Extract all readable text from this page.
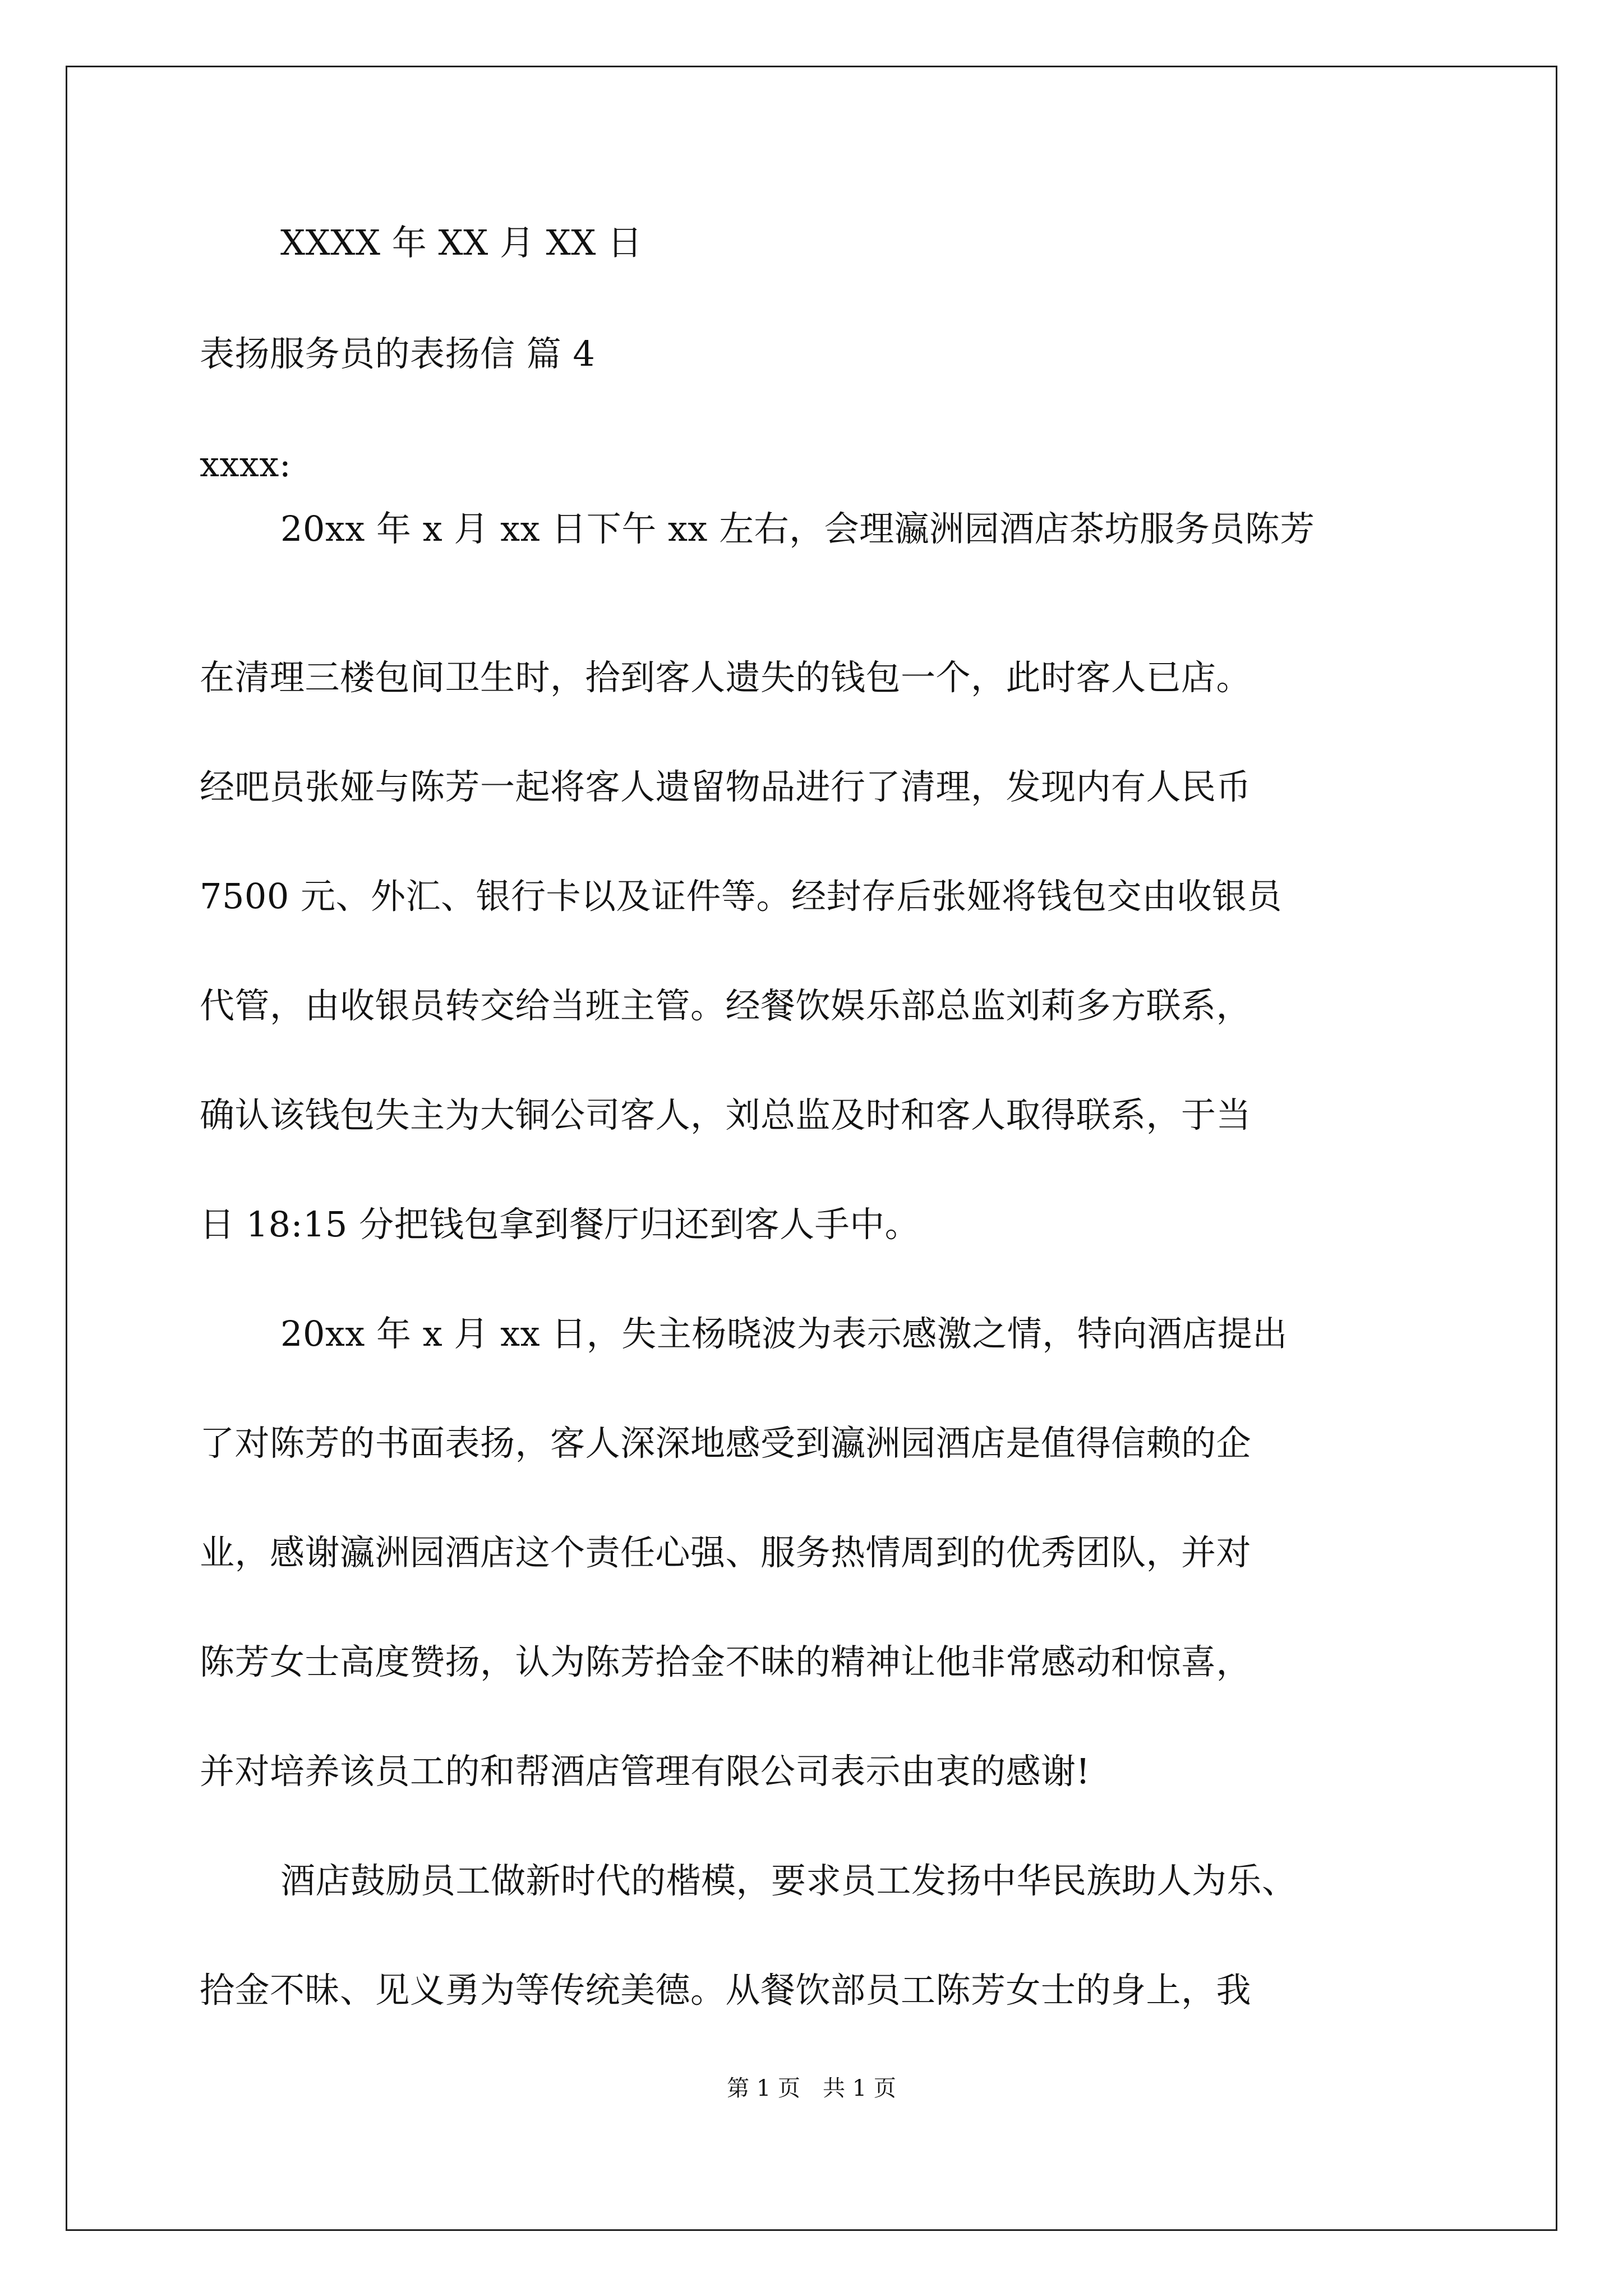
XXXX 年 XX 月 XX 日
表扬服务员的表扬信 篇 4
xxxx:
20xx 年 x 月 xx 日下午 xx 左右，会理瀛洲园酒店茶坊服务员陈芳
在清理三楼包间卫生时，拾到客人遗失的钱包一个，此时客人已店。
经吧员张娅与陈芳一起将客人遗留物品进行了清理，发现内有人民币
7500 元、外汇、银行卡以及证件等。经封存后张娅将钱包交由收银员
代管，由收银员转交给当班主管。经餐饮娱乐部总监刘莉多方联系，
确认该钱包失主为大铜公司客人，刘总监及时和客人取得联系，于当
日 18:15 分把钱包拿到餐厅归还到客人手中。
20xx 年 x 月 xx 日，失主杨晓波为表示感激之情，特向酒店提出
了对陈芳的书面表扬，客人深深地感受到瀛洲园酒店是值得信赖的企
业，感谢瀛洲园酒店这个责任心强、服务热情周到的优秀团队，并对
陈芳女士高度赞扬，认为陈芳拾金不昧的精神让他非常感动和惊喜，
并对培养该员工的和帮酒店管理有限公司表示由衷的感谢!
酒店鼓励员工做新时代的楷模，要求员工发扬中华民族助人为乐、
拾金不昧、见义勇为等传统美德。从餐饮部员工陈芳女士的身上，我
第 1 页　共 1 页
